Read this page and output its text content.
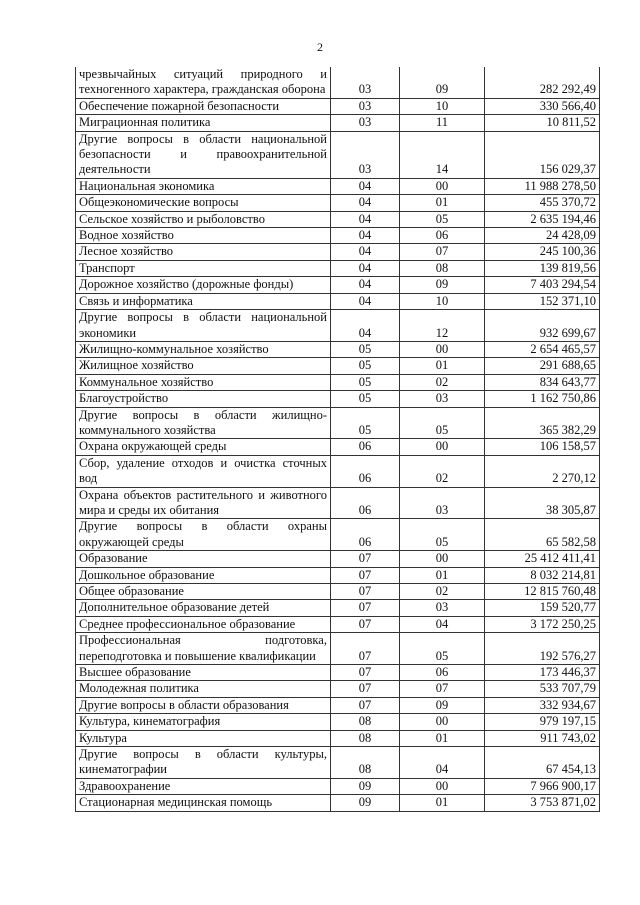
2
чрезвычайных ситуаций природного и техногенного характера, гражданская оборона	03	09	282 292,49
Обеспечение пожарной безопасности	03	10	330 566,40
Миграционная политика	03	11	10 811,52
Другие вопросы в области национальной безопасности и правоохранительной деятельности	03	14	156 029,37
Национальная экономика	04	00	11 988 278,50
Общеэкономические вопросы	04	01	455 370,72
Сельское хозяйство и рыболовство	04	05	2 635 194,46
Водное хозяйство	04	06	24 428,09
Лесное хозяйство	04	07	245 100,36
Транспорт	04	08	139 819,56
Дорожное хозяйство (дорожные фонды)	04	09	7 403 294,54
Связь и информатика	04	10	152 371,10
Другие вопросы в области национальной экономики	04	12	932 699,67
Жилищно-коммунальное хозяйство	05	00	2 654 465,57
Жилищное хозяйство	05	01	291 688,65
Коммунальное хозяйство	05	02	834 643,77
Благоустройство	05	03	1 162 750,86
Другие вопросы в области жилищно-коммунального хозяйства	05	05	365 382,29
Охрана окружающей среды	06	00	106 158,57
Сбор, удаление отходов и очистка сточных вод	06	02	2 270,12
Охрана объектов растительного и животного мира и среды их обитания	06	03	38 305,87
Другие вопросы в области охраны окружающей среды	06	05	65 582,58
Образование	07	00	25 412 411,41
Дошкольное образование	07	01	8 032 214,81
Общее образование	07	02	12 815 760,48
Дополнительное образование детей	07	03	159 520,77
Среднее профессиональное образование	07	04	3 172 250,25
Профессиональная подготовка, переподготовка и повышение квалификации	07	05	192 576,27
Высшее образование	07	06	173 446,37
Молодежная политика	07	07	533 707,79
Другие вопросы в области образования	07	09	332 934,67
Культура, кинематография	08	00	979 197,15
Культура	08	01	911 743,02
Другие вопросы в области культуры, кинематографии	08	04	67 454,13
Здравоохранение	09	00	7 966 900,17
Стационарная медицинская помощь	09	01	3 753 871,02
